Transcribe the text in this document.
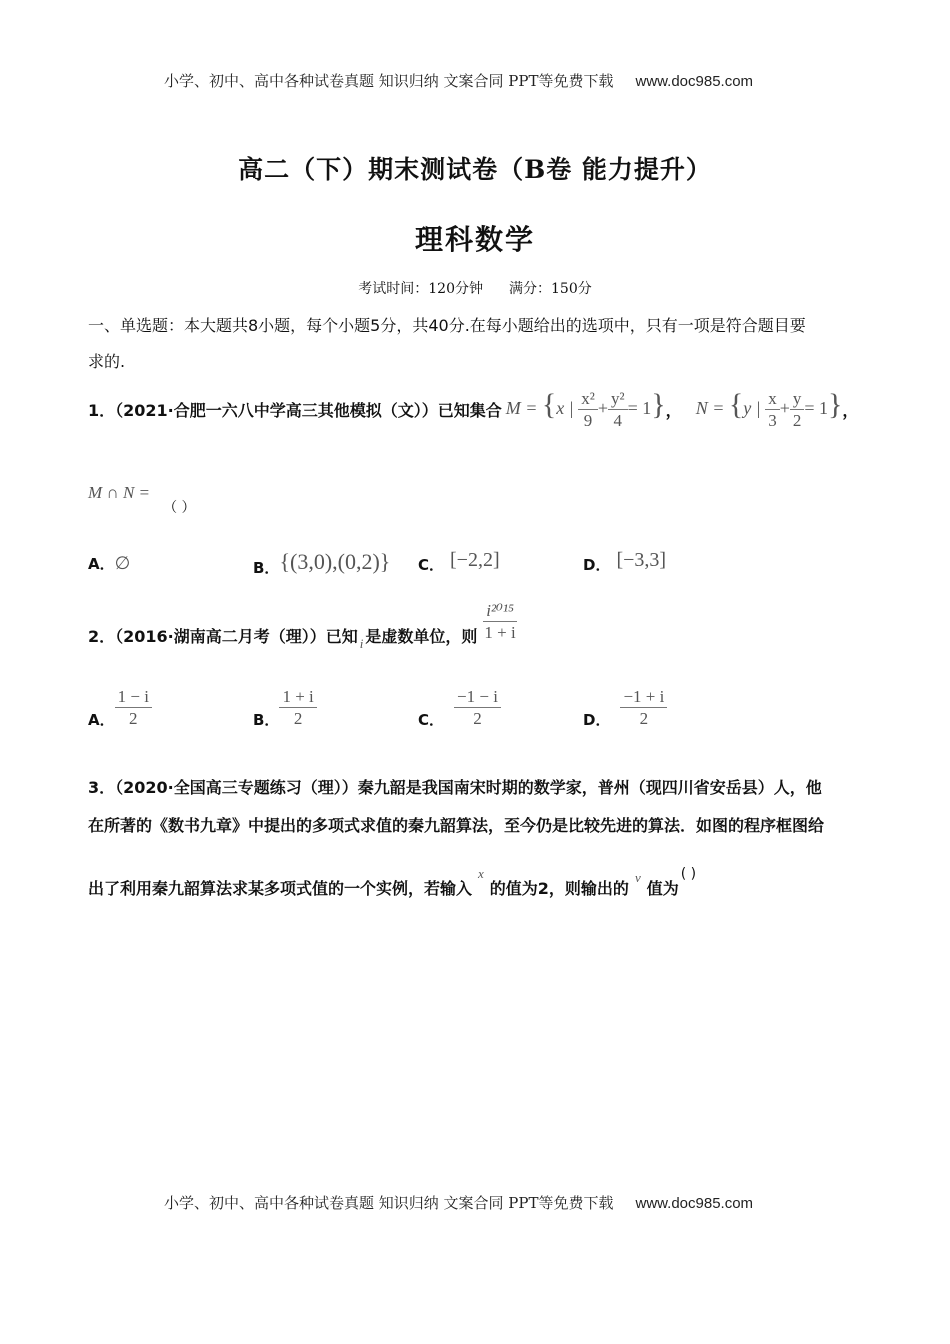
小学、初中、高中各种试卷真题 知识归纳 文案合同 PPT等免费下载 www.doc985.com
高二（下）期末测试卷（B卷 能力提升）
理科数学
考试时间：120分钟 满分：150分
一、单选题：本大题共8小题，每个小题5分，共40分.在每小题给出的选项中，只有一项是符合题目要
求的.
1．（2021·合肥一六八中学高三其他模拟（文））已知集合 M = {x | $\frac{\text{x²}}{9} + \frac{\text{y²}}{4} = 1$} ， N = {y | $\frac{x}{3} + \frac{y}{2} = 1$} ，
M ∩ N = （ ）
A．∅	B．{(3,0),(0,2)} C． [−2,2]	D． [−3,3]
2．（2016·湖南高二月考（理））已知 i 是虚数单位，则 $\frac{\text{i²⁰¹⁵}}{1 + i}$
A． $\frac{1 - i}{2}$	B． $\frac{1 + i}{2}$	C． $\frac{-1 - i}{2}$	D． $\frac{-1 + i}{2}$
3．（2020·全国高三专题练习（理））秦九韶是我国南宋时期的数学家，普州（现四川省安岳县）人，他
在所著的《数书九章》中提出的多项式求值的秦九韶算法，至今仍是比较先进的算法．如图的程序框图给
出了利用秦九韶算法求某多项式值的一个实例，若输入x的值为2，则输出的$_v$值为( )
小学、初中、高中各种试卷真题 知识归纳 文案合同 PPT等免费下载 www.doc985.com
